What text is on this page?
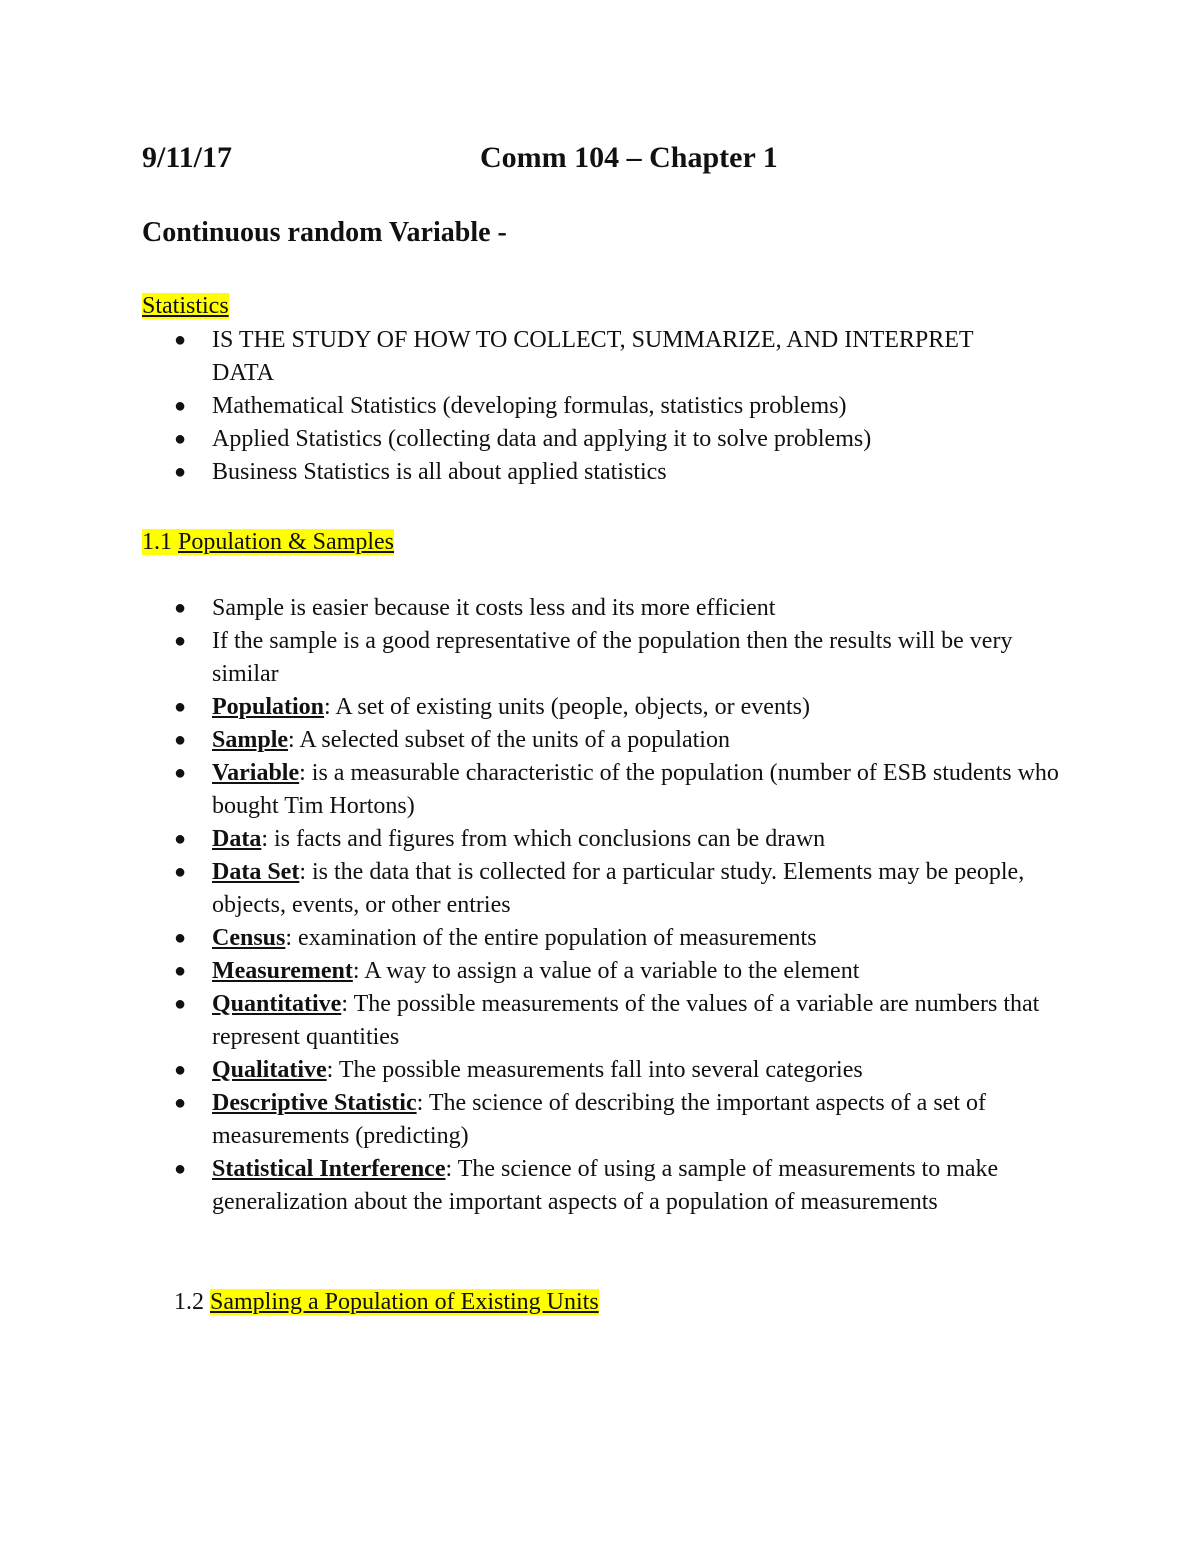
9/11/17	Comm 104 – Chapter 1
Continuous random Variable -
Statistics
● IS THE STUDY OF HOW TO COLLECT, SUMMARIZE, AND INTERPRET DATA
● Mathematical Statistics (developing formulas, statistics problems)
● Applied Statistics (collecting data and applying it to solve problems)
● Business Statistics is all about applied statistics
1.1 Population & Samples
● Sample is easier because it costs less and its more efficient
● If the sample is a good representative of the population then the results will be very similar
● Population: A set of existing units (people, objects, or events)
● Sample: A selected subset of the units of a population
● Variable: is a measurable characteristic of the population (number of ESB students who bought Tim Hortons)
● Data: is facts and figures from which conclusions can be drawn
● Data Set: is the data that is collected for a particular study. Elements may be people, objects, events, or other entries
● Census: examination of the entire population of measurements
● Measurement: A way to assign a value of a variable to the element
● Quantitative: The possible measurements of the values of a variable are numbers that represent quantities
● Qualitative: The possible measurements fall into several categories
● Descriptive Statistic: The science of describing the important aspects of a set of measurements (predicting)
● Statistical Interference: The science of using a sample of measurements to make generalization about the important aspects of a population of measurements
1.2 Sampling a Population of Existing Units
